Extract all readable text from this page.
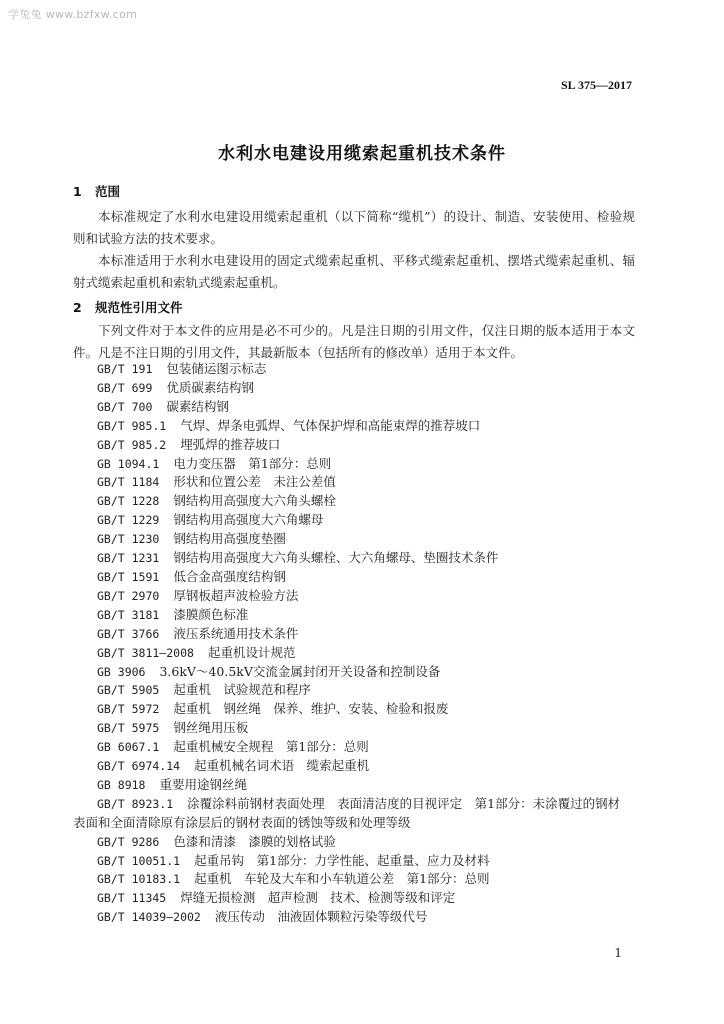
学兔兔 www.bzfxw.com
SL 375—2017
水利水电建设用缆索起重机技术条件
1 范围
本标准规定了水利水电建设用缆索起重机（以下简称“缆机”）的设计、制造、安装使用、检验规则和试验方法的技术要求。
本标准适用于水利水电建设用的固定式缆索起重机、平移式缆索起重机、摆塔式缆索起重机、辐射式缆索起重机和索轨式缆索起重机。
2 规范性引用文件
下列文件对于本文件的应用是必不可少的。凡是注日期的引用文件，仅注日期的版本适用于本文件。凡是不注日期的引用文件，其最新版本（包括所有的修改单）适用于本文件。
GB/T 191 包装储运图示标志
GB/T 699 优质碳素结构钢
GB/T 700 碳素结构钢
GB/T 985.1 气焊、焊条电弧焊、气体保护焊和高能束焊的推荐坡口
GB/T 985.2 埋弧焊的推荐坡口
GB 1094.1 电力变压器　第1部分：总则
GB/T 1184 形状和位置公差　未注公差值
GB/T 1228 钢结构用高强度大六角头螺栓
GB/T 1229 钢结构用高强度大六角螺母
GB/T 1230 钢结构用高强度垫圈
GB/T 1231 钢结构用高强度大六角头螺栓、大六角螺母、垫圈技术条件
GB/T 1591 低合金高强度结构钢
GB/T 2970 厚钢板超声波检验方法
GB/T 3181 漆膜颜色标准
GB/T 3766 液压系统通用技术条件
GB/T 3811—2008 起重机设计规范
GB 3906 3.6kV～40.5kV交流金属封闭开关设备和控制设备
GB/T 5905 起重机　试验规范和程序
GB/T 5972 起重机　钢丝绳　保养、维护、安装、检验和报废
GB/T 5975 钢丝绳用压板
GB 6067.1 起重机械安全规程　第1部分：总则
GB/T 6974.14 起重机械名词术语　缆索起重机
GB 8918 重要用途钢丝绳
GB/T 8923.1 涂覆涂料前钢材表面处理　表面清洁度的目视评定　第1部分：未涂覆过的钢材
表面和全面清除原有涂层后的钢材表面的锈蚀等级和处理等级
GB/T 9286 色漆和清漆　漆膜的划格试验
GB/T 10051.1 起重吊钩　第1部分：力学性能、起重量、应力及材料
GB/T 10183.1 起重机　车轮及大车和小车轨道公差　第1部分：总则
GB/T 11345 焊缝无损检测　超声检测　技术、检测等级和评定
GB/T 14039—2002 液压传动　油液固体颗粒污染等级代号
1
